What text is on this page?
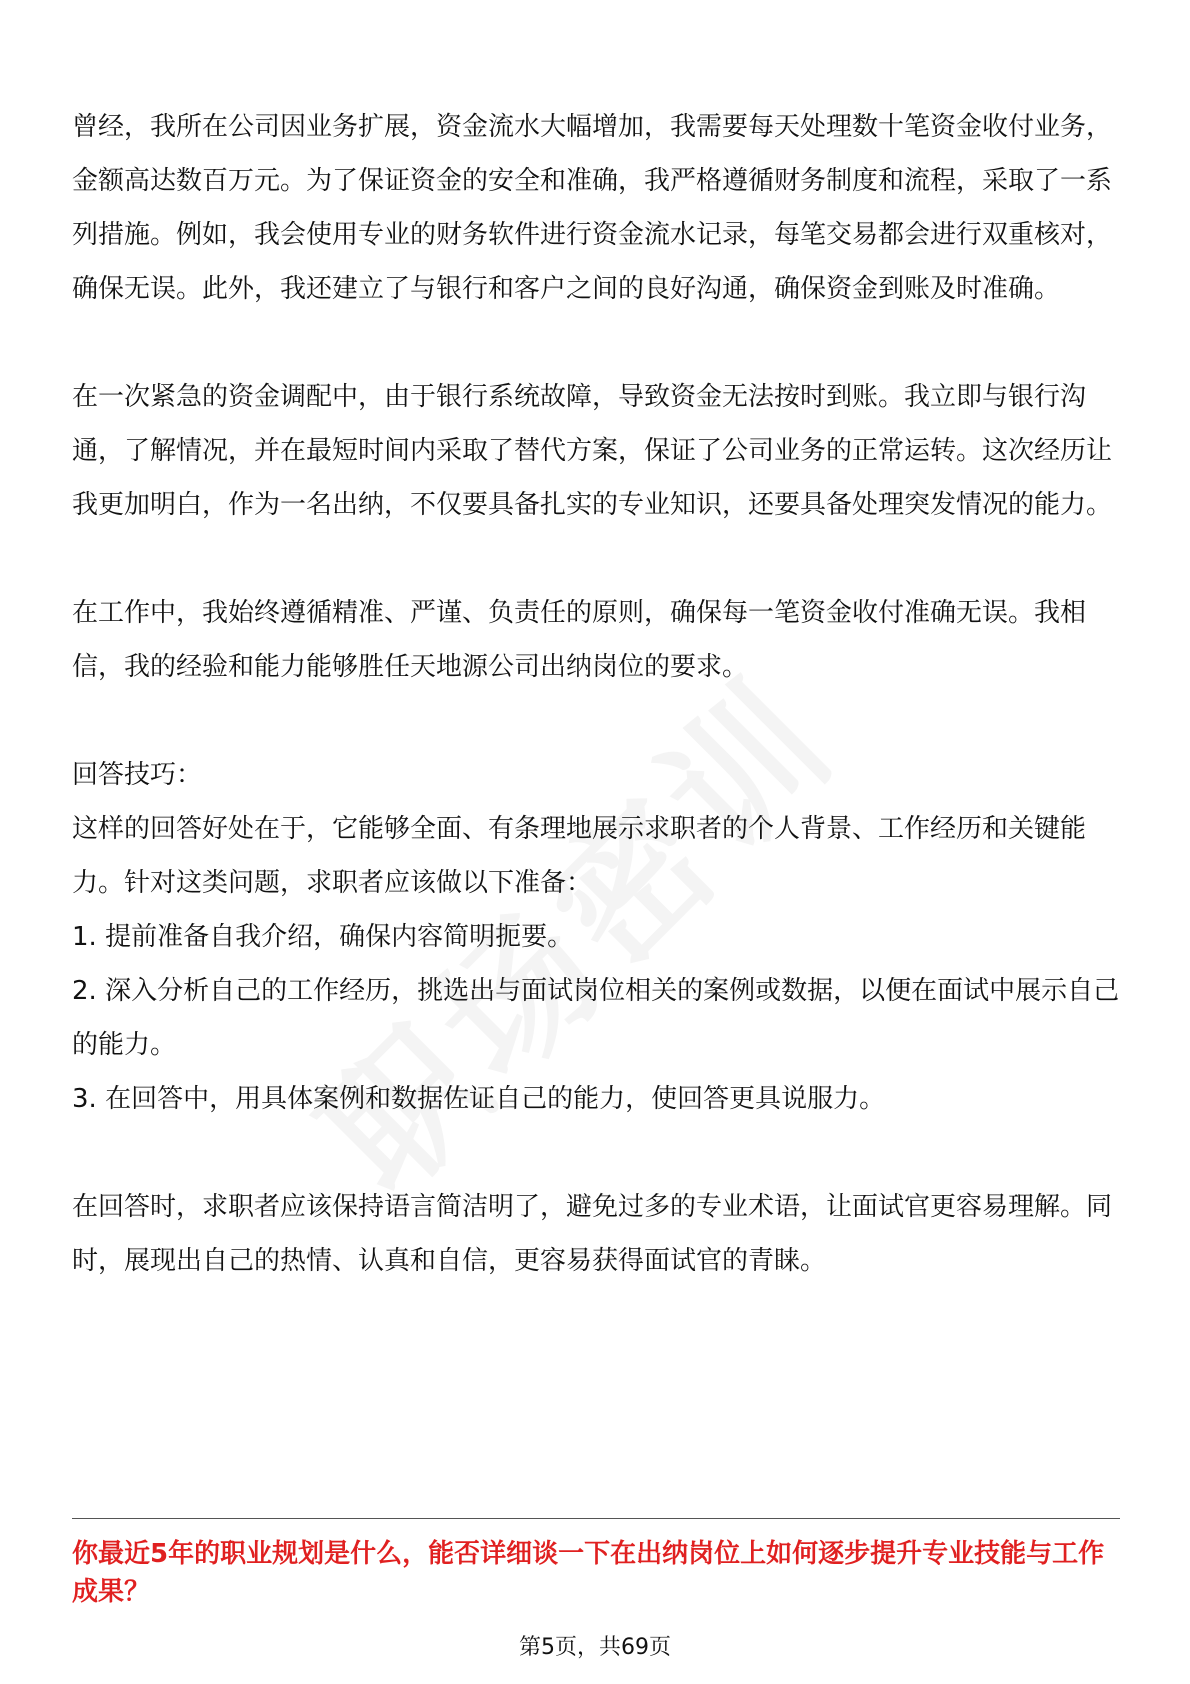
曾经，我所在公司因业务扩展，资金流水大幅增加，我需要每天处理数十笔资金收付业务，金额高达数百万元。为了保证资金的安全和准确，我严格遵循财务制度和流程，采取了一系列措施。例如，我会使用专业的财务软件进行资金流水记录，每笔交易都会进行双重核对，确保无误。此外，我还建立了与银行和客户之间的良好沟通，确保资金到账及时准确。

在一次紧急的资金调配中，由于银行系统故障，导致资金无法按时到账。我立即与银行沟通，了解情况，并在最短时间内采取了替代方案，保证了公司业务的正常运转。这次经历让我更加明白，作为一名出纳，不仅要具备扎实的专业知识，还要具备处理突发情况的能力。

在工作中，我始终遵循精准、严谨、负责任的原则，确保每一笔资金收付准确无误。我相信，我的经验和能力能够胜任天地源公司出纳岗位的要求。

回答技巧：

这样的回答好处在于，它能够全面、有条理地展示求职者的个人背景、工作经历和关键能力。针对这类问题，求职者应该做以下准备：

1. 提前准备自我介绍，确保内容简明扼要。

2. 深入分析自己的工作经历，挑选出与面试岗位相关的案例或数据，以便在面试中展示自己的能力。

3. 在回答中，用具体案例和数据佐证自己的能力，使回答更具说服力。

在回答时，求职者应该保持语言简洁明了，避免过多的专业术语，让面试官更容易理解。同时，展现出自己的热情、认真和自信，更容易获得面试官的青睐。

你最近5年的职业规划是什么，能否详细谈一下在出纳岗位上如何逐步提升专业技能与工作成果？

第5页，共69页
